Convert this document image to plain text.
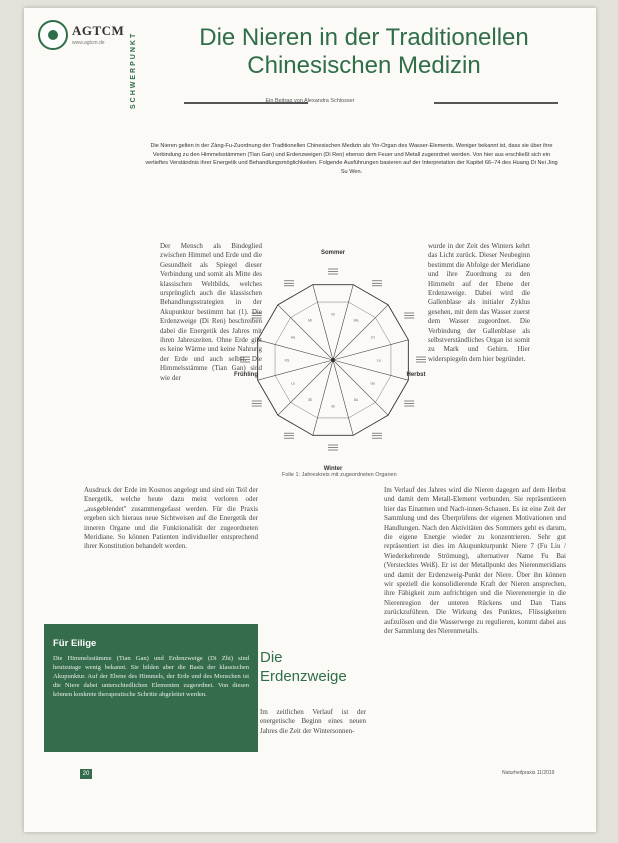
AGTCM
www.agtcm.de	SCHWERPUNKT	Die Nieren in der Traditionellen Chinesischen Medizin
Ein Beitrag von Alexandra Schlosser
Die Nieren gelten in der Zàng-Fu-Zuordnung der Traditionellen Chinesischen Medizin als Yin-Organ des Wasser-Elements. Weniger bekannt ist, dass sie über ihre Verbindung zu den Himmelsstämmen (Tian Gan) und Erdenzweigen (Di Ren) ebenso dem Feuer und Metall zugeordnet werden. Von hier aus erschließt sich ein vertieftes Verständnis ihrer Energetik und Behandlungsmöglichkeiten. Folgende Ausführungen basieren auf der Interpretation der Kapitel 66–74 des Huang Di Nei Jing Su Wen.
Der Mensch als Bindeglied zwischen Himmel und Erde und die Gesundheit als Spiegel dieser Verbindung und somit als Mitte des klassischen Weltbilds, welches ursprünglich auch die klassischen Behandlungsstrategien in der Akupunktur bestimmt hat (1). Die Erdenzweige (Di Ren) beschreiben dabei die Energetik des Jahres mit ihren Jahreszeiten. Ohne Erde gibt es keine Wärme und keine Nahrung der Erde und auch selbst. Die Himmelsstämme (Tian Gan) sind wie der
wurde in der Zeit des Winters kehrt das Licht zurück. Dieser Neubeginn bestimmt die Abfolge der Meridiane und ihre Zuordnung zu den Himmeln auf der Ebene der Erdenzweige. Dabei wird die Gallenblase als initialer Zyklus gesehen, mit dem das Wasser zuerst dem Wasser zugeordnet. Die Verbindung der Gallenblase als selbstverständliches Organ ist somit zu Mark und Gehirn. Hier widerspiegeln dem hier begründet.
Ni
Ma
Di
Le
Ge
Dü
Bl
3E
Lu
KS
He
Mi
Sommer
Herbst
Winter
Frühling
Folie 1: Jahreskreis mit zugeordneten Organen
Ausdruck der Erde im Kosmos angelegt und sind ein Teil der Energetik, welche heute dazu meist verloren oder „ausgeblendet" zusammengefasst werden. Für die Praxis ergeben sich hieraus neue Sichtweisen auf die Energetik der inneren Organe und die Funktionalität der zugeordneten Meridiane. So können Patienten individueller entsprechend ihrer Konstitution behandelt werden.
Die Erdenzweige
Im zeitlichen Verlauf ist der energetische Beginn eines neuen Jahres die Zeit der Wintersonnen-
Im Verlauf des Jahres wird die Nieren dagegen auf dem Herbst und damit dem Metall-Element verbunden. Sie repräsentieren hier das Einatmen und Nach-innen-Schauen. Es ist eine Zeit der Sammlung und des Überprüfens der eigenen Motivationen und Handlungen. Nach den Aktivitäten des Sommers geht es darum, die eigene Energie wieder zu konzentrieren. Sehr gut repräsentiert ist dies im Akupunkturpunkt Niere 7 (Fu Liu / Wiederkehrende Strömung), alternativer Name Fu Bai (Verstecktes Weiß). Er ist der Metallpunkt des Nierenmeridians und damit der Erdenzweig-Punkt der Niere. Über ihn können wir speziell die konsolidierende Kraft der Nieren ansprechen, ihre Fähigkeit zum aufrichtigen und die Nierenenergie in die Nierenregion der unteren Rückens und Dan Tians zurückzuführen. Die Wirkung des Punktes, Flüssigkeiten aufzulösen und die Wasserwege zu regulieren, kommt dabei aus der Sammlung des Nierenmetalls.
Für Eilige
Die Himmelsstämme (Tian Gan) und Erdenzweige (Di Zhi) sind heutzutage wenig bekannt. Sie bilden aber die Basis der klassischen Akupunktur. Auf der Ebene des Himmels, der Erde und des Menschen ist die Niere dabei unterschiedlichen Elementen zugeordnet. Von diesen können konkrete therapeutische Schritte abgeleitet werden.
20	Naturheilpraxis 11/2019
